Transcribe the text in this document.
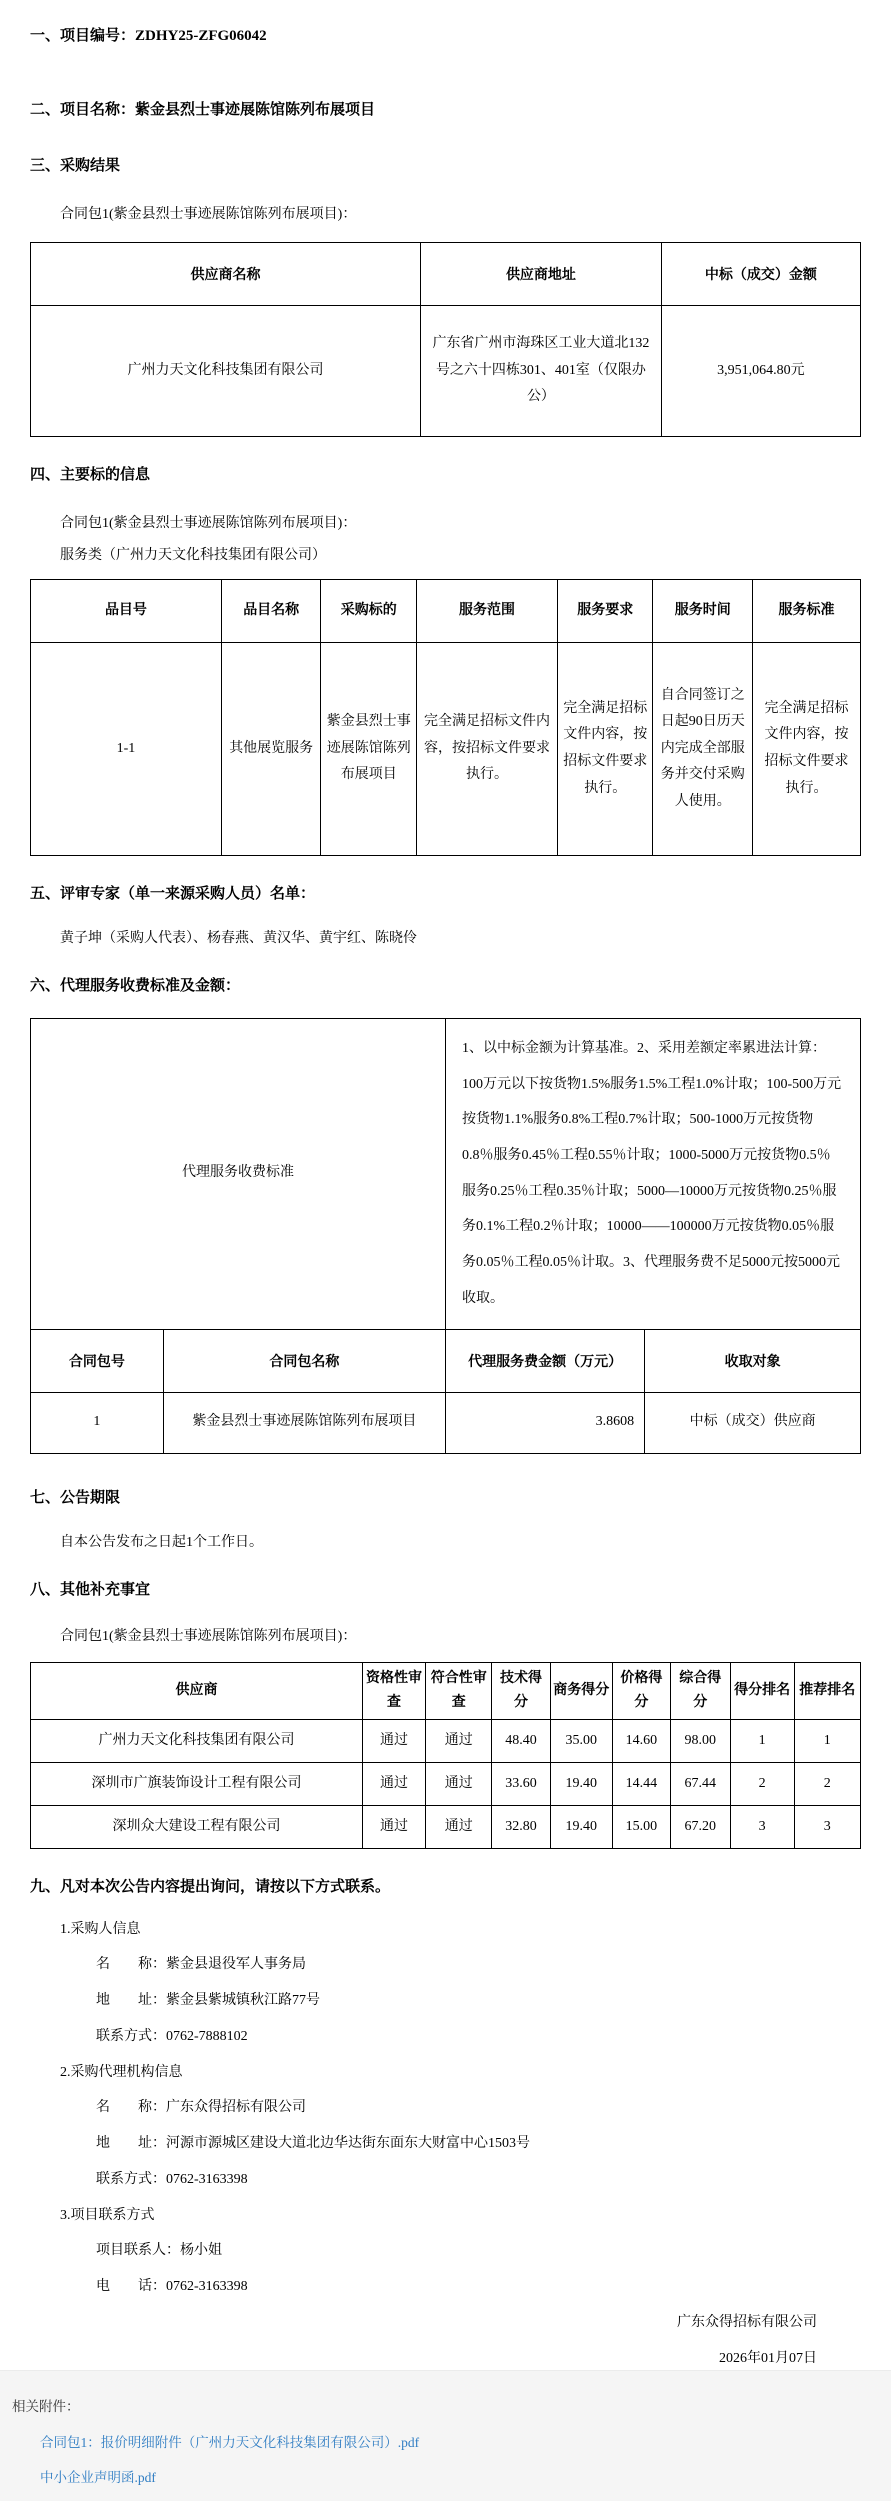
一、项目编号：ZDHY25-ZFG06042
二、项目名称：紫金县烈士事迹展陈馆陈列布展项目
三、采购结果
合同包1(紫金县烈士事迹展陈馆陈列布展项目)：
供应商名称	供应商地址	中标（成交）金额
广州力天文化科技集团有限公司	广东省广州市海珠区工业大道北132号之六十四栋301、401室（仅限办公）	3,951,064.80元
四、主要标的信息
合同包1(紫金县烈士事迹展陈馆陈列布展项目)：
服务类（广州力天文化科技集团有限公司）
品目号	品目名称	采购标的	服务范围	服务要求	服务时间	服务标准
1-1	其他展览服务	紫金县烈士事迹展陈馆陈列布展项目	完全满足招标文件内容，按招标文件要求执行。	完全满足招标文件内容，按招标文件要求执行。	自合同签订之日起90日历天内完成全部服务并交付采购人使用。	完全满足招标文件内容，按招标文件要求执行。
五、评审专家（单一来源采购人员）名单：
黄子坤（采购人代表）、杨春燕、黄汉华、黄宇红、陈晓伶
六、代理服务收费标准及金额：
代理服务收费标准		1、以中标金额为计算基准。2、采用差额定率累进法计算：100万元以下按货物1.5%服务1.5%工程1.0%计取；100-500万元按货物1.1%服务0.8%工程0.7%计取；500-1000万元按货物0.8％服务0.45％工程0.55％计取；1000-5000万元按货物0.5％服务0.25％工程0.35％计取；5000—10000万元按货物0.25％服务0.1%工程0.2％计取；10000——100000万元按货物0.05％服务0.05％工程0.05％计取。3、代理服务费不足5000元按5000元收取。	
合同包号	合同包名称	代理服务费金额（万元）	收取对象
1	紫金县烈士事迹展陈馆陈列布展项目	3.8608	中标（成交）供应商
七、公告期限
自本公告发布之日起1个工作日。
八、其他补充事宜
合同包1(紫金县烈士事迹展陈馆陈列布展项目)：
供应商	资格性审查	符合性审查	技术得分	商务得分	价格得分	综合得分	得分排名	推荐排名
广州力天文化科技集团有限公司	通过	通过	48.40	35.00	14.60	98.00	1	1
深圳市广旗装饰设计工程有限公司	通过	通过	33.60	19.40	14.44	67.44	2	2
深圳众大建设工程有限公司	通过	通过	32.80	19.40	15.00	67.20	3	3
九、凡对本次公告内容提出询问，请按以下方式联系。
1.采购人信息
名　　称：紫金县退役军人事务局
地　　址：紫金县紫城镇秋江路77号
联系方式：0762-7888102
2.采购代理机构信息
名　　称：广东众得招标有限公司
地　　址：河源市源城区建设大道北边华达街东面东大财富中心1503号
联系方式：0762-3163398
3.项目联系方式
项目联系人：杨小姐
电　　话：0762-3163398
广东众得招标有限公司
2026年01月07日
相关附件：
合同包1：报价明细附件（广州力天文化科技集团有限公司）.pdf
中小企业声明函.pdf
